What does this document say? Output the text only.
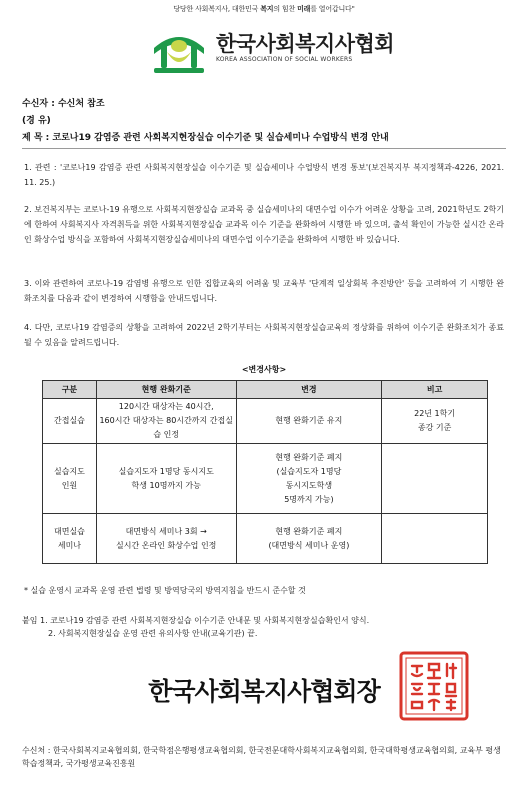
당당한 사회복지사, 대한민국 복지의 힘찬 미래를 열어갑니다"
한국사회복지사협회
KOREA ASSOCIATION OF SOCIAL WORKERS
수신자 : 수신처 참조
(경 유)
제 목 : 코로나19 감염증 관련 사회복지현장실습 이수기준 및 실습세미나 수업방식 변경 안내
1. 관련 : '코로나19 감염증 관련 사회복지현장실습 이수기준 및 실습세미나 수업방식 변경 통보'(보건복지부 복지정책과-4226, 2021. 11. 25.)
2. 보건복지부는 코로나-19 유행으로 사회복지현장실습 교과목 중 실습세미나의 대면수업 이수가 어려운 상황을 고려, 2021학년도 2학기에 한하여 사회복지사 자격취득을 위한 사회복지현장실습 교과목 이수 기준을 완화하여 시행한 바 있으며, 출석 확인이 가능한 실시간 온라인 화상수업 방식을 포함하여 사회복지현장실습세미나의 대면수업 이수기준을 완화하여 시행한 바 있습니다.
3. 이와 관련하여 코로나-19 감염병 유행으로 인한 집합교육의 어려움 및 교육부 '단계적 일상회복 추진방안' 등을 고려하여 기 시행한 완화조치를 다음과 같이 변경하여 시행함을 안내드립니다.
4. 다만, 코로나19 감염증의 상황을 고려하여 2022년 2학기부터는 사회복지현장실습교육의 정상화를 위하여 이수기준 완화조치가 종료될 수 있음을 알려드립니다.
<변경사항>
구분	현행 완화기준	변경	비고
간접실습	120시간 대상자는 40시간,
160시간 대상자는 80시간까지 간접실습 인정	현행 완화기준 유지	22년 1학기
종강 기준
실습지도
인원	실습지도자 1명당 동시지도
학생 10명까지 가능	현행 완화기준 폐지
(실습지도자 1명당
동시지도학생
5명까지 가능)	
대면실습
세미나	대면방식 세미나 3회 →
실시간 온라인 화상수업 인정	현행 완화기준 폐지
(대면방식 세미나 운영)	
* 실습 운영시 교과목 운영 관련 법령 및 방역당국의 방역지침을 반드시 준수할 것
붙임 1. 코로나19 감염증 관련 사회복지현장실습 이수기준 안내문 및 사회복지현장실습확인서 양식.
2. 사회복지현장실습 운영 관련 유의사항 안내(교육기관) 끝.
한국사회복지사협회장
수신처 : 한국사회복지교육협의회, 한국학점은행평생교육협의회, 한국전문대학사회복지교육협의회, 한국대학평생교육협의회, 교육부 평생학습정책과, 국가평생교육진흥원
